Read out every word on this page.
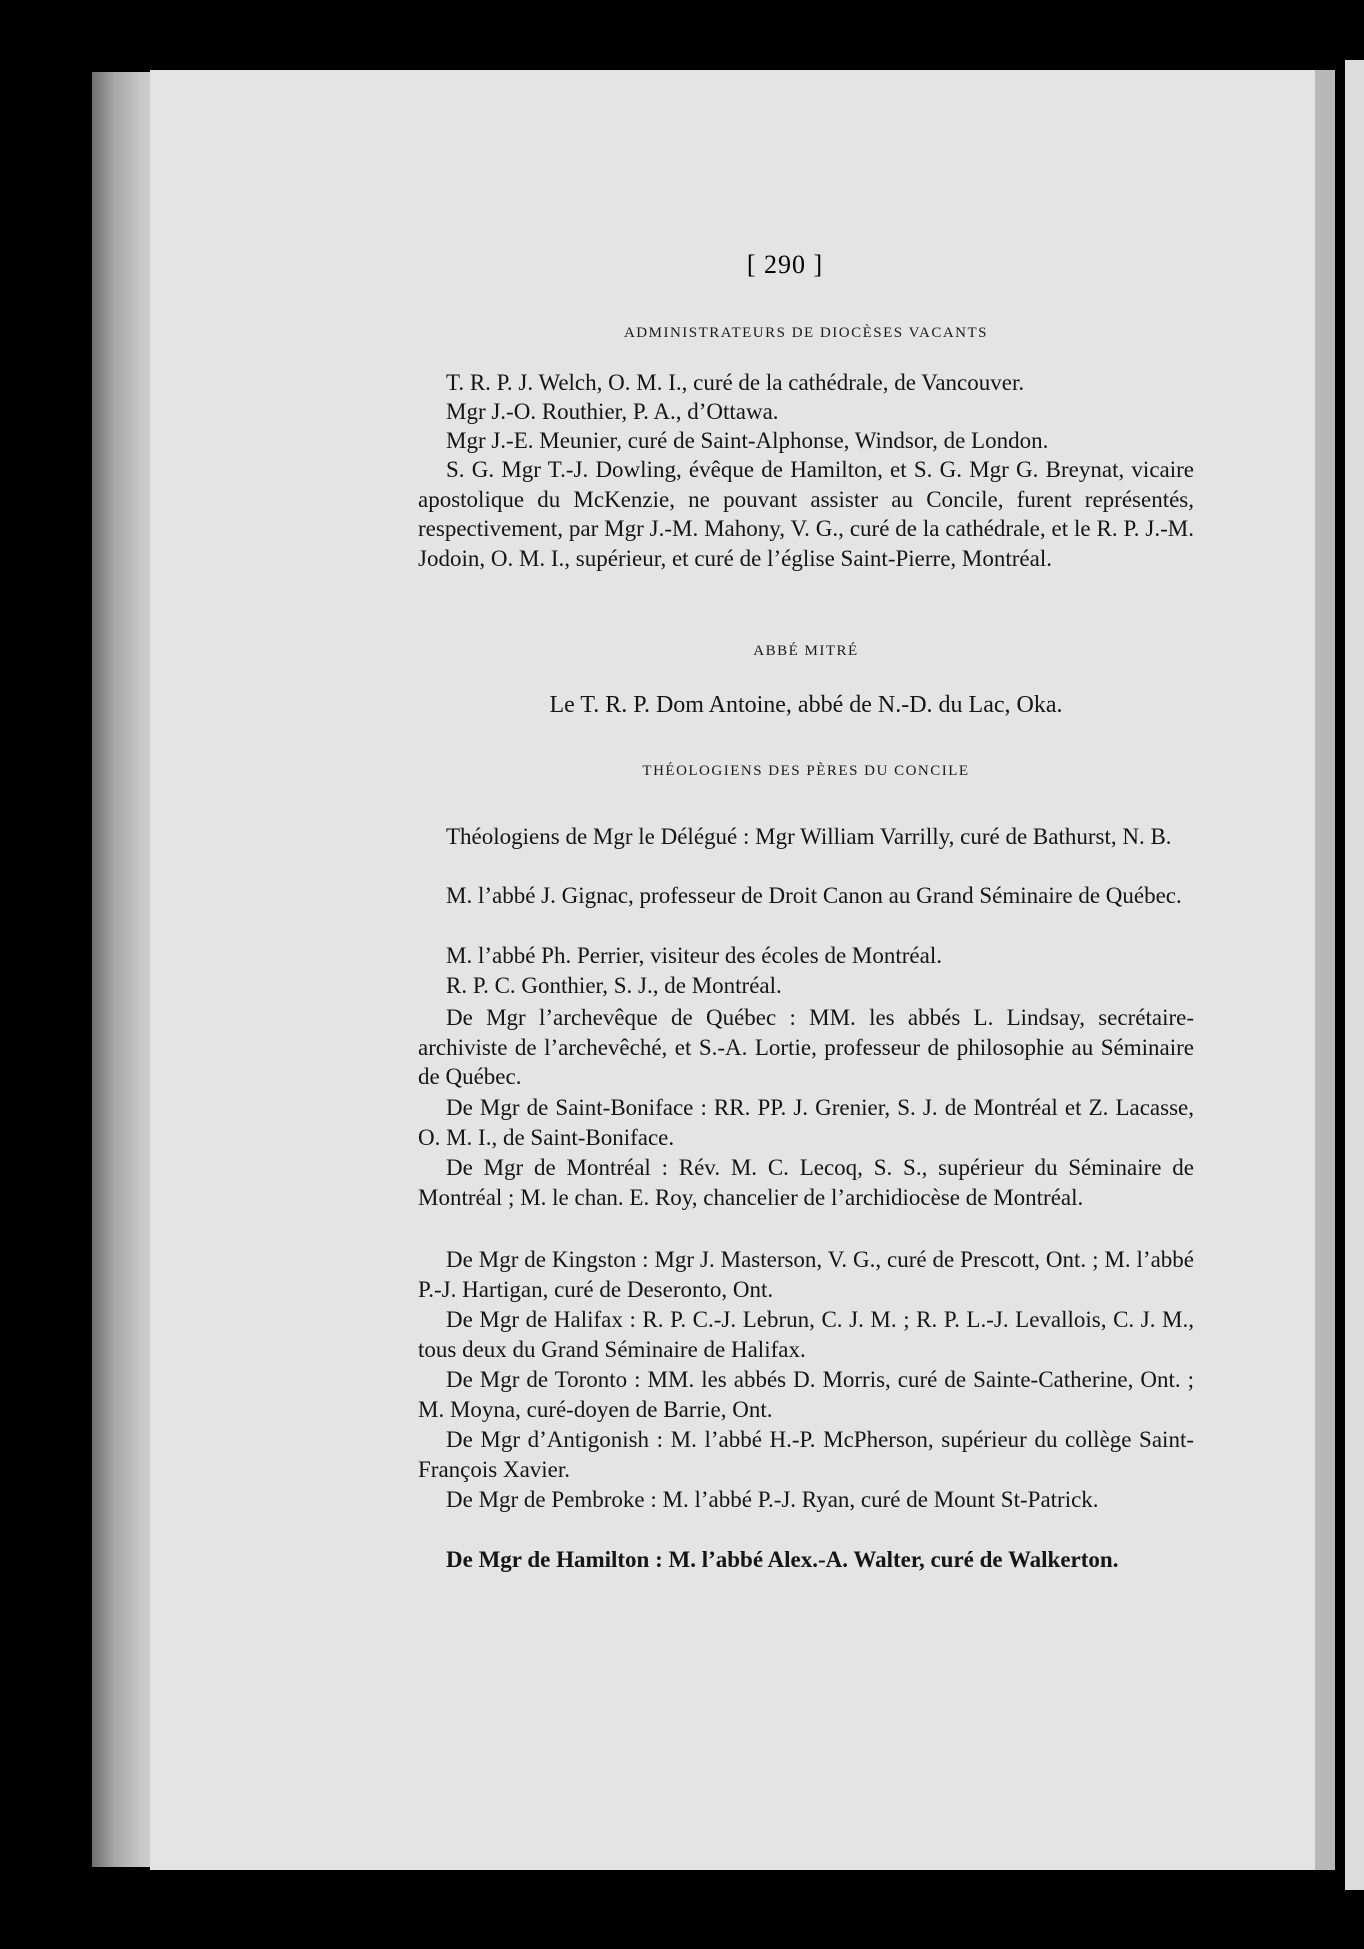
[ 290 ]
ADMINISTRATEURS DE DIOCÈSES VACANTS
T. R. P. J. Welch, O. M. I., curé de la cathédrale, de Vancouver.
Mgr J.-O. Routhier, P. A., d’Ottawa.
Mgr J.-E. Meunier, curé de Saint-Alphonse, Windsor, de London.
S. G. Mgr T.-J. Dowling, évêque de Hamilton, et S. G. Mgr G. Breynat, vicaire apostolique du McKenzie, ne pouvant assister au Concile, furent représentés, respectivement, par Mgr J.-M. Mahony, V. G., curé de la cathédrale, et le R. P. J.-M. Jodoin, O. M. I., supérieur, et curé de l’église Saint-Pierre, Montréal.
ABBÉ MITRÉ
Le T. R. P. Dom Antoine, abbé de N.-D. du Lac, Oka.
THÉOLOGIENS DES PÈRES DU CONCILE
Théologiens de Mgr le Délégué : Mgr William Varrilly, curé de Bathurst, N. B.
M. l’abbé J. Gignac, professeur de Droit Canon au Grand Séminaire de Québec.
M. l’abbé Ph. Perrier, visiteur des écoles de Montréal.
R. P. C. Gonthier, S. J., de Montréal.
De Mgr l’archevêque de Québec : MM. les abbés L. Lindsay, secrétaire-archiviste de l’archevêché, et S.-A. Lortie, professeur de philosophie au Séminaire de Québec.
De Mgr de Saint-Boniface : RR. PP. J. Grenier, S. J. de Montréal et Z. Lacasse, O. M. I., de Saint-Boniface.
De Mgr de Montréal : Rév. M. C. Lecoq, S. S., supérieur du Séminaire de Montréal ; M. le chan. E. Roy, chancelier de l’archidiocèse de Montréal.
De Mgr de Kingston : Mgr J. Masterson, V. G., curé de Prescott, Ont. ; M. l’abbé P.-J. Hartigan, curé de Deseronto, Ont.
De Mgr de Halifax : R. P. C.-J. Lebrun, C. J. M. ; R. P. L.-J. Levallois, C. J. M., tous deux du Grand Séminaire de Halifax.
De Mgr de Toronto : MM. les abbés D. Morris, curé de Sainte-Catherine, Ont. ; M. Moyna, curé-doyen de Barrie, Ont.
De Mgr d’Antigonish : M. l’abbé H.-P. McPherson, supérieur du collège Saint-François Xavier.
De Mgr de Pembroke : M. l’abbé P.-J. Ryan, curé de Mount St-Patrick.
De Mgr de Hamilton : M. l’abbé Alex.-A. Walter, curé de Walkerton.
